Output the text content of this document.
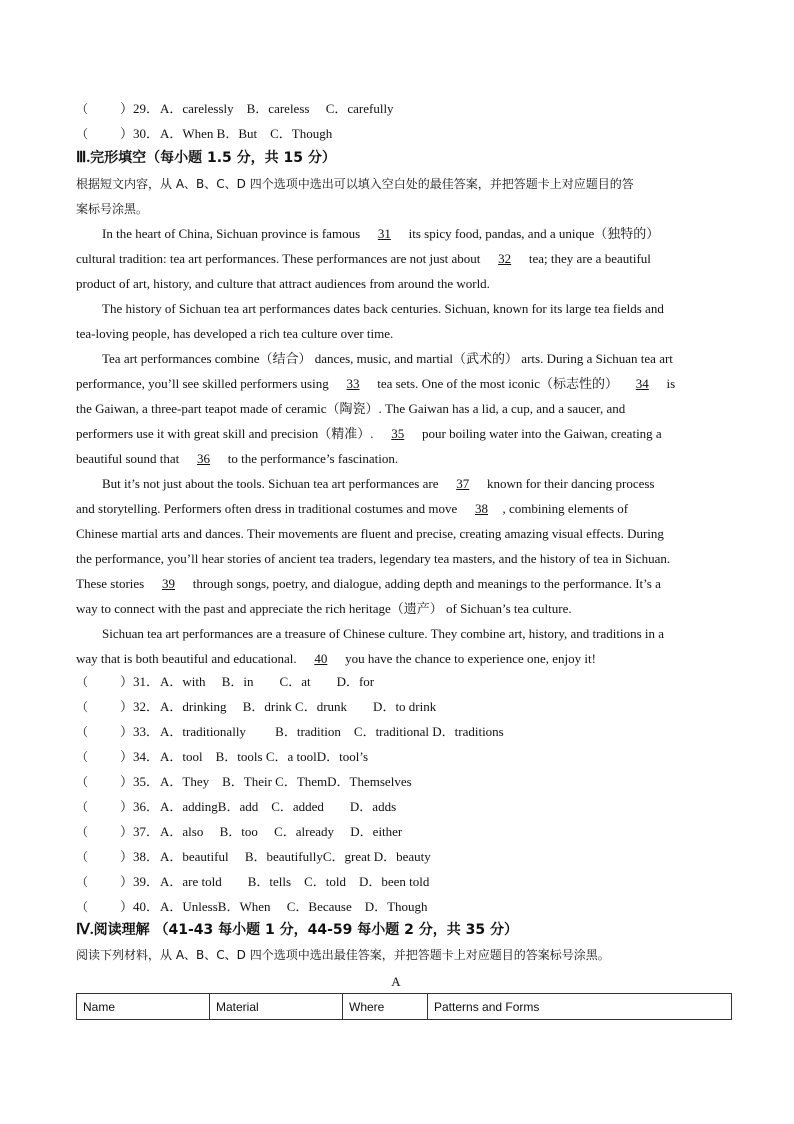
（　　）29．A．carelessly　B．careless　 C．carefully
（　　）30．A．When B．But　C．Though
Ⅲ.完形填空（每小题 1.5 分，共 15 分）
根据短文内容，从 A、B、C、D 四个选项中选出可以填入空白处的最佳答案，并把答题卡上对应题目的答
案标号涂黑。
In the heart of China, Sichuan province is famous 31 its spicy food, pandas, and a unique（独特的）
cultural tradition: tea art performances. These performances are not just about 32 tea; they are a beautiful
product of art, history, and culture that attract audiences from around the world.
The history of Sichuan tea art performances dates back centuries. Sichuan, known for its large tea fields and
tea-loving people, has developed a rich tea culture over time.
Tea art performances combine（结合） dances, music, and martial（武术的） arts. During a Sichuan tea art
performance, you’ll see skilled performers using 33 tea sets. One of the most iconic（标志性的） 34 is
the Gaiwan, a three-part teapot made of ceramic（陶瓷）. The Gaiwan has a lid, a cup, and a saucer, and
performers use it with great skill and precision（精准）. 35 pour boiling water into the Gaiwan, creating a
beautiful sound that 36 to the performance’s fascination.
But it’s not just about the tools. Sichuan tea art performances are 37 known for their dancing process
and storytelling. Performers often dress in traditional costumes and move 38 , combining elements of
Chinese martial arts and dances. Their movements are fluent and precise, creating amazing visual effects. During
the performance, you’ll hear stories of ancient tea traders, legendary tea masters, and the history of tea in Sichuan.
These stories 39 through songs, poetry, and dialogue, adding depth and meanings to the performance. It’s a
way to connect with the past and appreciate the rich heritage（遗产） of Sichuan’s tea culture.
Sichuan tea art performances are a treasure of Chinese culture. They combine art, history, and traditions in a
way that is both beautiful and educational. 40 you have the chance to experience one, enjoy it!
（　　）31．A．with　 B．in　　C．at　　D．for
（　　）32．A．drinking　 B．drink C．drunk　　D．to drink
（　　）33．A．traditionally　　 B．tradition　C．traditional D．traditions
（　　）34．A．tool　B．tools C．a toolD．tool’s
（　　）35．A．They　B．Their C．ThemD．Themselves
（　　）36．A．addingB．add　C．added　　D．adds
（　　）37．A．also　 B．too　 C．already　 D．either
（　　）38．A．beautiful　 B．beautifullyC．great D．beauty
（　　）39．A．are told　　B．tells　C．told　D．been told
（　　）40．A．UnlessB．When　 C．Because　D．Though
Ⅳ.阅读理解 （41-43 每小题 1 分，44-59 每小题 2 分，共 35 分）
阅读下列材料，从 A、B、C、D 四个选项中选出最佳答案，并把答题卡上对应题目的答案标号涂黑。
A
Name	Material	Where	Patterns and Forms
